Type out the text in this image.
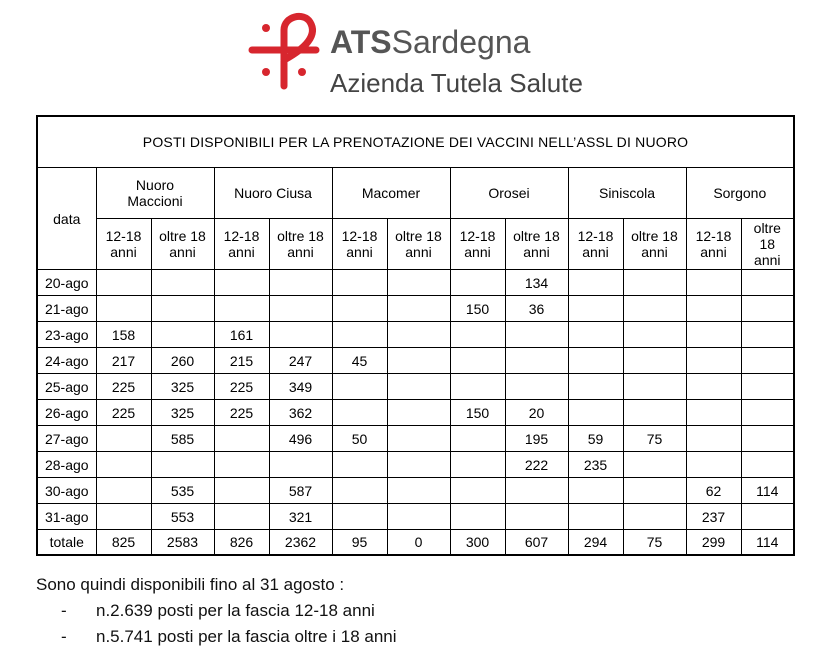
ATSSardegna
Azienda Tutela Salute
POSTI DISPONIBILI PER LA PRENOTAZIONE DEI VACCINI NELL’ASSL DI NUORO												
data	Nuoro Maccioni		Nuoro Ciusa		Macomer		Orosei		Siniscola		Sorgono	
	12-18 anni	oltre 18 anni	12-18 anni	oltre 18 anni	12-18 anni	oltre 18 anni	12-18 anni	oltre 18 anni	12-18 anni	oltre 18 anni	12-18 anni	oltre 18 anni
20-ago								134				
21-ago							150	36				
23-ago	158		161									
24-ago	217	260	215	247	45							
25-ago	225	325	225	349								
26-ago	225	325	225	362			150	20				
27-ago		585		496	50			195	59	75		
28-ago								222	235			
30-ago		535		587							62	114
31-ago		553		321							237	
totale	825	2583	826	2362	95	0	300	607	294	75	299	114
Sono quindi disponibili fino al 31 agosto :
- n.2.639 posti per la fascia 12-18 anni
- n.5.741 posti per la fascia oltre i 18 anni
